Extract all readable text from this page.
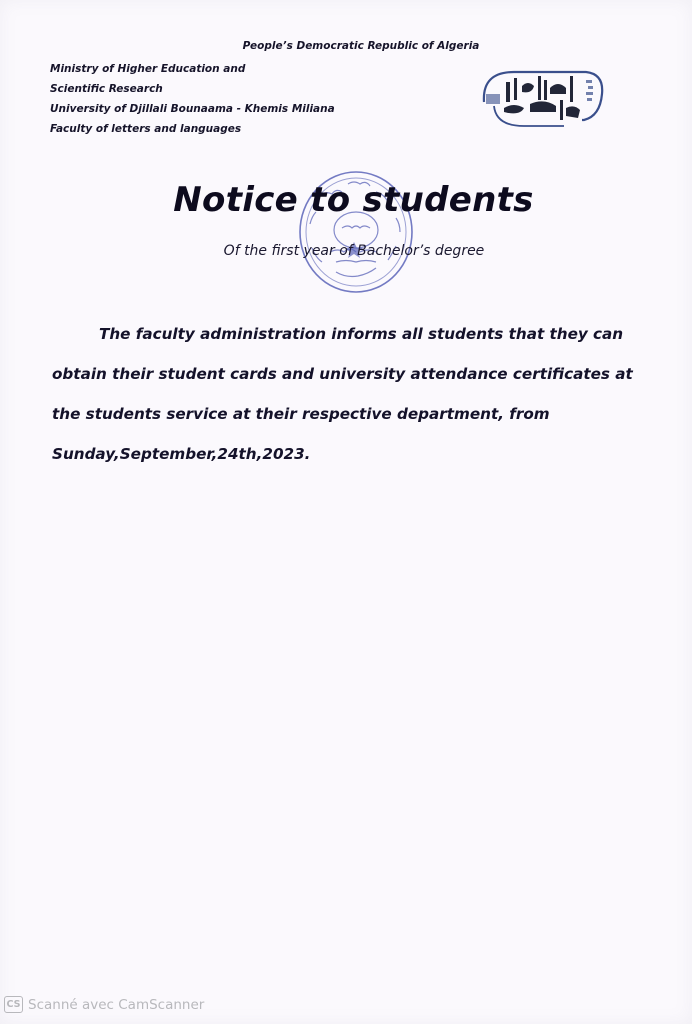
People’s Democratic Republic of Algeria
Ministry of Higher Education and
Scientific Research
University of Djillali Bounaama - Khemis Miliana
Faculty of letters and languages
Notice to students
Of the first year of Bachelor’s degree
The faculty administration informs all students that they can
obtain their student cards and university attendance certificates at
the students service at their respective department, from
Sunday,September,24th,2023.
CS Scanné avec CamScanner
